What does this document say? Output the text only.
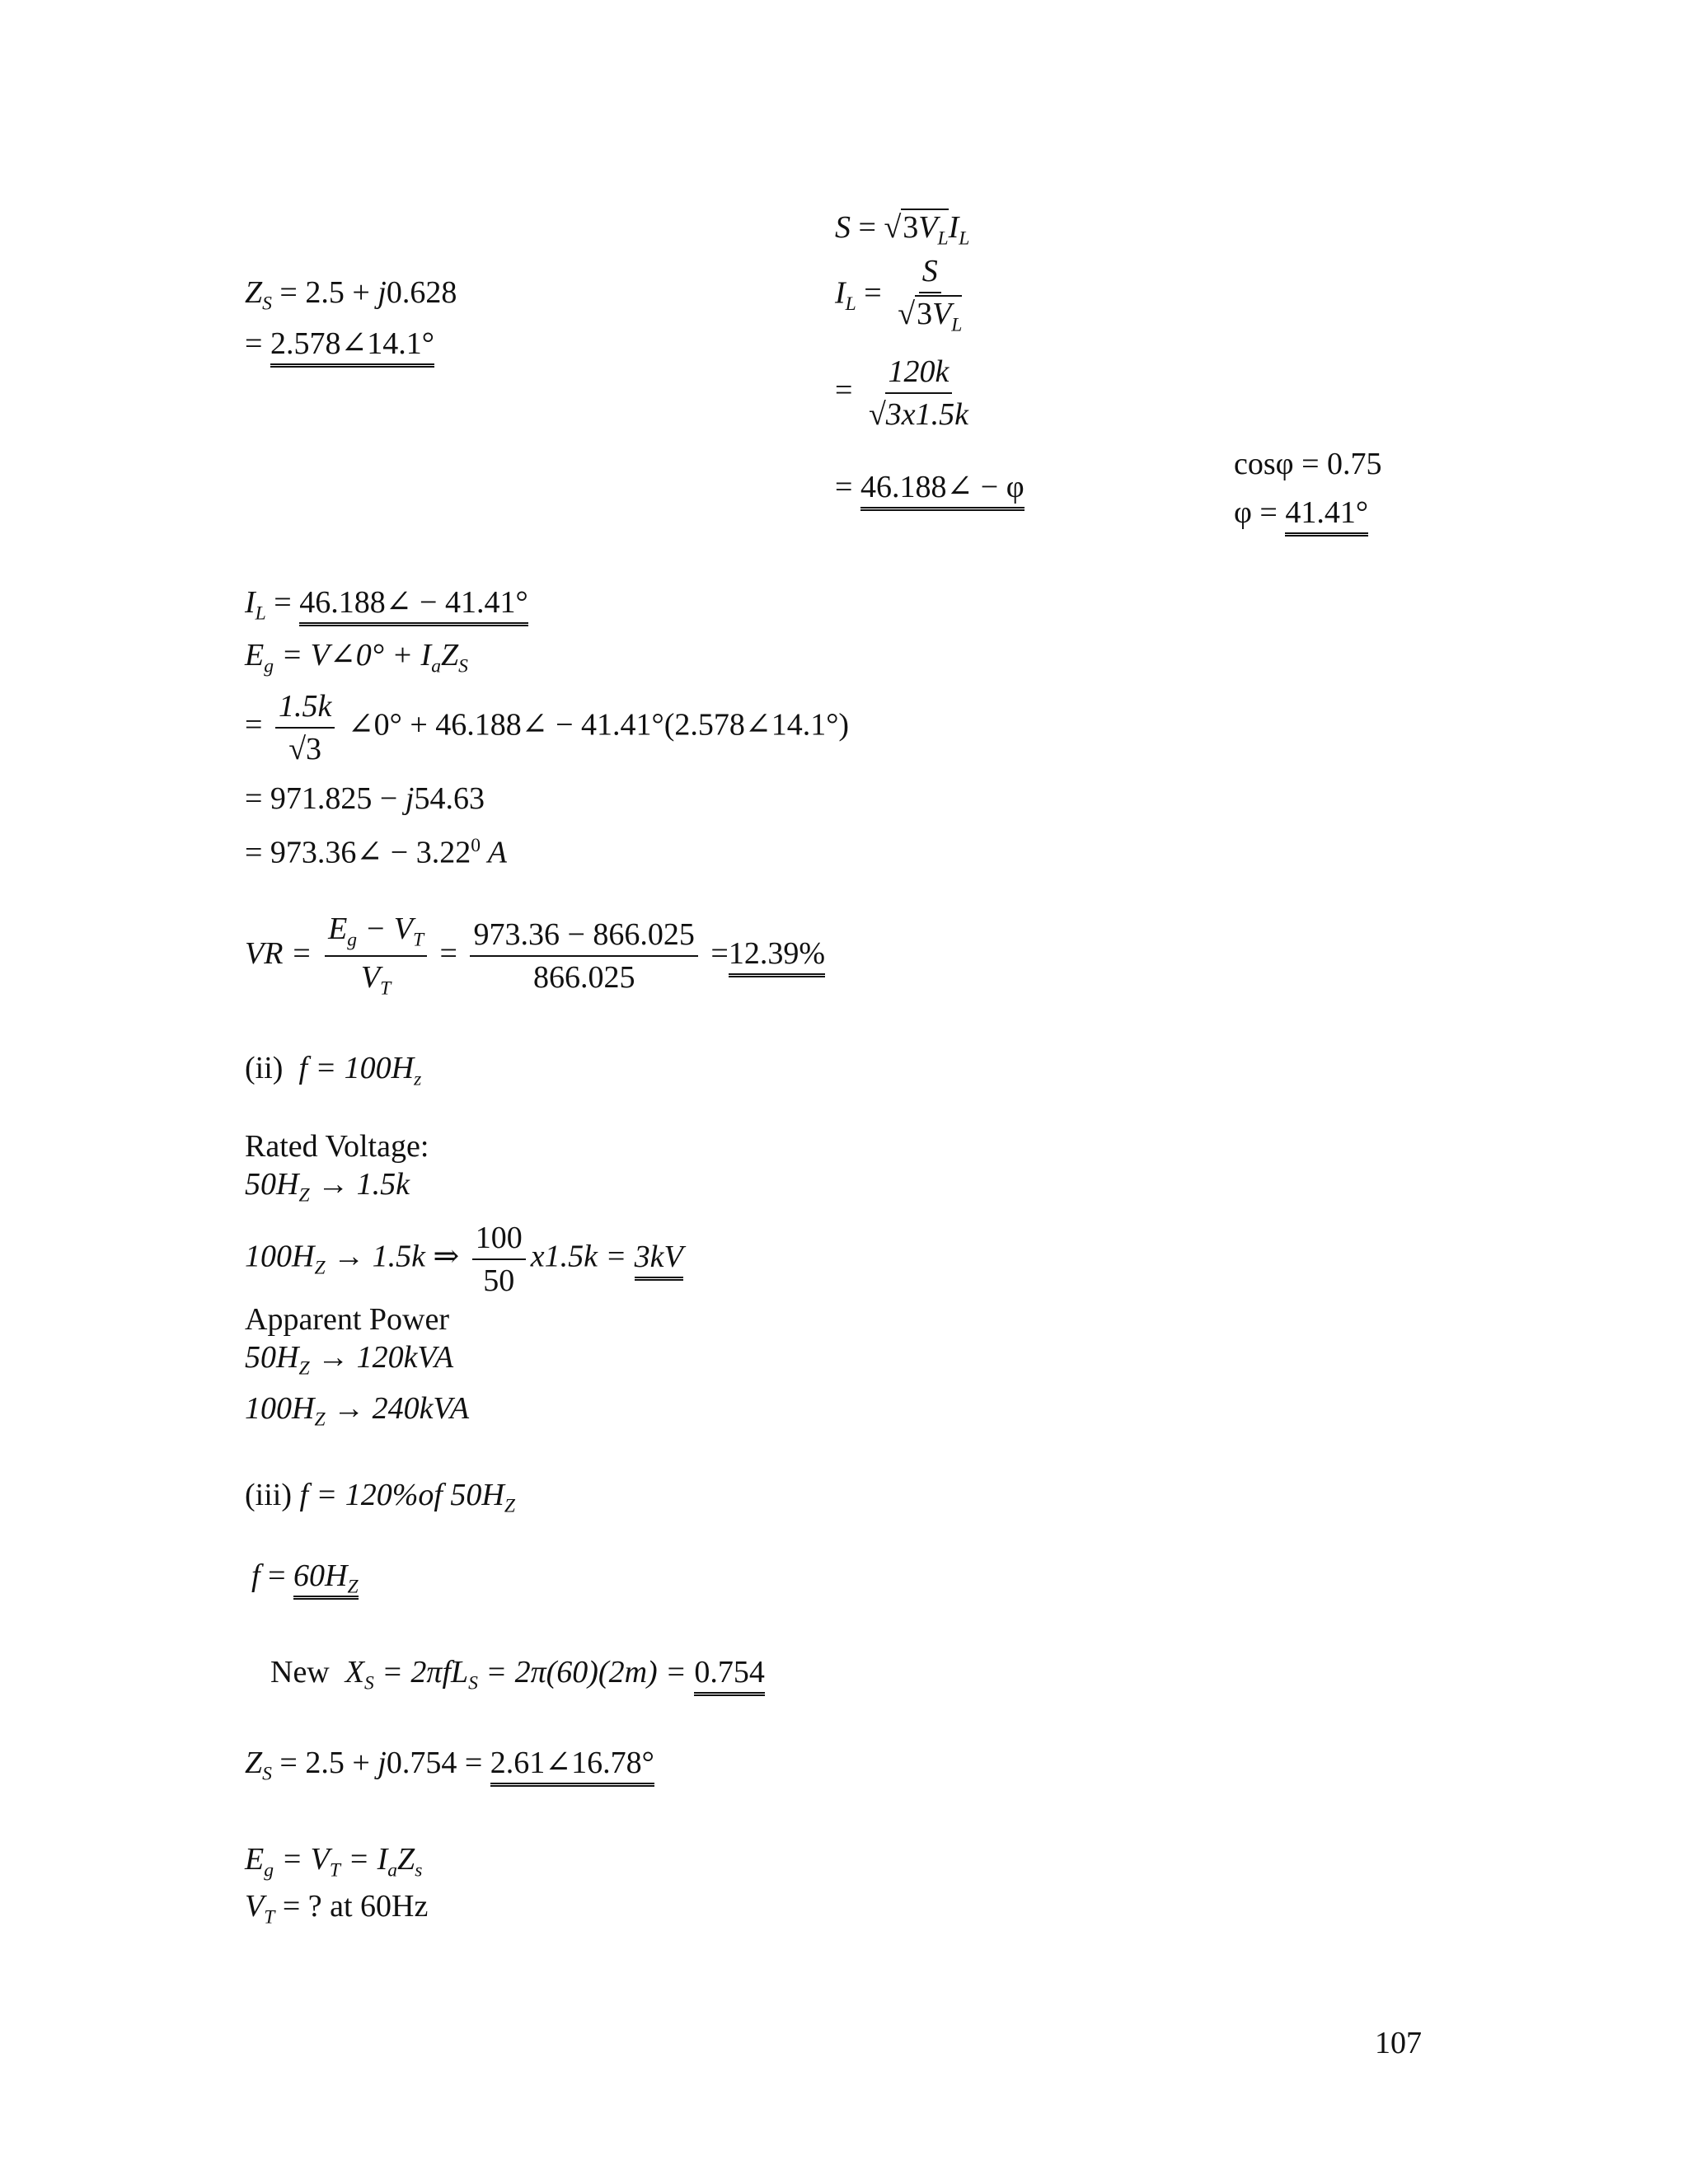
$Z_S = 2.5 + j0.628$
= 2.578∠14.1°
$S = √3V_LI_L$
$I_L = \frac{S}{√3V_L}$
= $\frac{120k}{√3x1.5k}$
= 46.188∠ − φ
cosφ = 0.75
φ = 41.41°
$I_L$ = 46.188∠ − 41.41°
$E_g$ = V∠0° + $I_aZ_S$
= $\frac{1.5k}{√3}$ ∠0° + 46.188∠ − 41.41°(2.578∠14.1°)
= 971.825 − j54.63
= 973.36∠ − $3.22^0$ A
VR = $\frac{E_g - V_T}{V_T} = \frac{973.36 - 866.025}{866.025} =12.39\%$
(ii) $f = 100H_z$
Rated Voltage:
$50H_Z \to 1.5k$
$100H_Z \to 1.5k$ ⇒ $\frac{100}{50} x1.5k = 3kV$
Apparent Power
$50H_Z \to 120kVA$
$100H_Z \to 240kVA$
(iii) f = 120%of $50H_Z$
$f = 60H_Z$
New $X_S = 2\pi fL_S = 2\pi(60)(2m) = 0.754$
$Z_S = 2.5 + j0.754$ = 2.61∠16.78°
$E_g = V_T = I_aZ_s$
$V_T$ = ? at 60Hz
107
